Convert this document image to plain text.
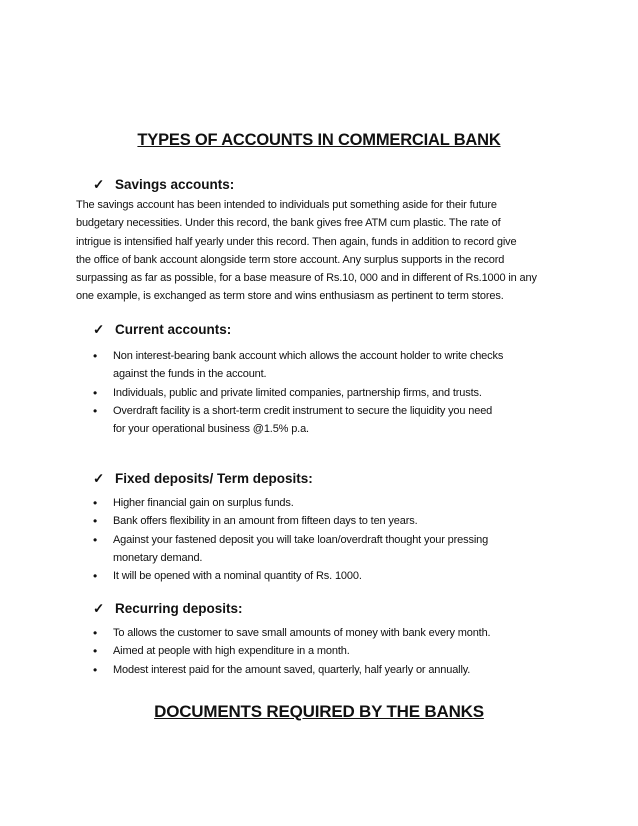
TYPES OF ACCOUNTS IN COMMERCIAL BANK
✓ Savings accounts:
The savings account has been intended to individuals put something aside for their future
budgetary necessities. Under this record, the bank gives free ATM cum plastic. The rate of
intrigue is intensified half yearly under this record. Then again, funds in addition to record give
the office of bank account alongside term store account. Any surplus supports in the record
surpassing as far as possible, for a base measure of Rs.10, 000 and in different of Rs.1000 in any
one example, is exchanged as term store and wins enthusiasm as pertinent to term stores.
✓ Current accounts:
•	Non interest-bearing bank account which allows the account holder to write checks
against the funds in the account.
•	Individuals, public and private limited companies, partnership firms, and trusts.
•	Overdraft facility is a short-term credit instrument to secure the liquidity you need
for your operational business @1.5% p.a.
✓ Fixed deposits/ Term deposits:
•	Higher financial gain on surplus funds.
•	Bank offers flexibility in an amount from fifteen days to ten years.
•	Against your fastened deposit you will take loan/overdraft thought your pressing
monetary demand.
•	It will be opened with a nominal quantity of Rs. 1000.
✓ Recurring deposits:
•	To allows the customer to save small amounts of money with bank every month.
•	Aimed at people with high expenditure in a month.
•	Modest interest paid for the amount saved, quarterly, half yearly or annually.
DOCUMENTS REQUIRED BY THE BANKS
